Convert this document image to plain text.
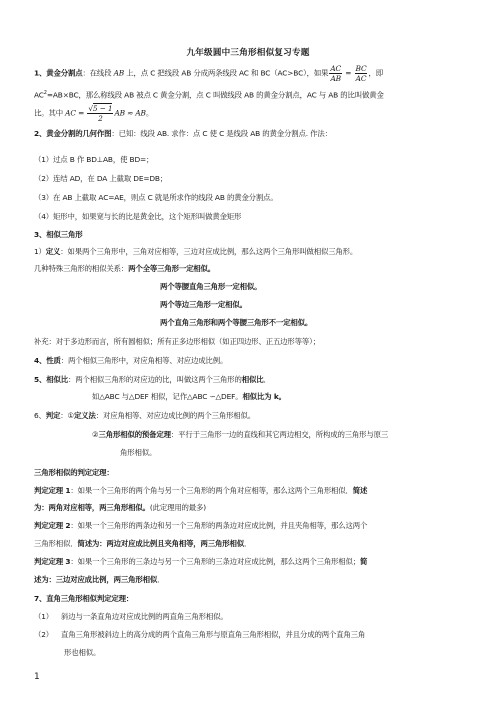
九年级圆中三角形相似复习专题
1、黄金分割点：在线段 AB 上，点 C 把线段 AB 分成两条线段 AC 和 BC（AC>BC），如果 $\frac{AC}{AB} = \frac{BC}{AC}$ ，即
$AC^2=AB\times BC$，那么称线段 AB 被点 C 黄金分割，点 C 叫做线段 AB 的黄金分割点，AC 与 AB 的比叫做黄金
比。其中 AC = $\frac{√5 - 1}{2}$ AB ≈ AB。
2、黄金分割的几何作图：已知：线段 AB. 求作：点 C 使 C 是线段 AB 的黄金分割点. 作法：
（1）过点 B 作 BD⊥AB，使 BD=；
（2）连结 AD，在 DA 上截取 DE=DB；
（3）在 AB 上截取 AC=AE，则点 C 就是所求作的线段 AB 的黄金分割点。
（4）矩形中，如果宽与长的比是黄金比，这个矩形叫做黄金矩形
3、相似三角形
1）定义：如果两个三角形中，三角对应相等，三边对应成比例，那么这两个三角形叫做相似三角形。
几种特殊三角形的相似关系：两个全等三角形一定相似。
两个等腰直角三角形一定相似。
两个等边三角形一定相似。
两个直角三角形和两个等腰三角形不一定相似。
补充：对于多边形而言，所有圆相似；所有正多边形相似（如正四边形、正五边形等等）；
4、性质：两个相似三角形中，对应角相等、对应边成比例。
5、相似比：两个相似三角形的对应边的比，叫做这两个三角形的相似比．
如△ABC 与△DEF 相似，记作△ABC ∽△DEF。相似比为 k。
6、判定：①定义法：对应角相等、对应边成比例的两个三角形相似。
②三角形相似的预备定理：平行于三角形一边的直线和其它两边相交，所构成的三角形与原三
角形相似。
三角形相似的判定定理：
判定定理 1：如果一个三角形的两个角与另一个三角形的两个角对应相等，那么这两个三角形相似．简述
为：两角对应相等，两三角形相似。(此定理用的最多)
判定定理 2：如果一个三角形的两条边和另一个三角形的两条边对应成比例，并且夹角相等，那么这两个
三角形相似．简述为：两边对应成比例且夹角相等，两三角形相似．
判定定理 3：如果一个三角形的三条边与另一个三角形的三条边对应成比例，那么这两个三角形相似；简
述为：三边对应成比例，两三角形相似．
7、直角三角形相似判定定理：
（1） 斜边与一条直角边对应成比例的两直角三角形相似。
（2） 直角三角形被斜边上的高分成的两个直角三角形与原直角三角形相似，并且分成的两个直角三角
形也相似。
1
